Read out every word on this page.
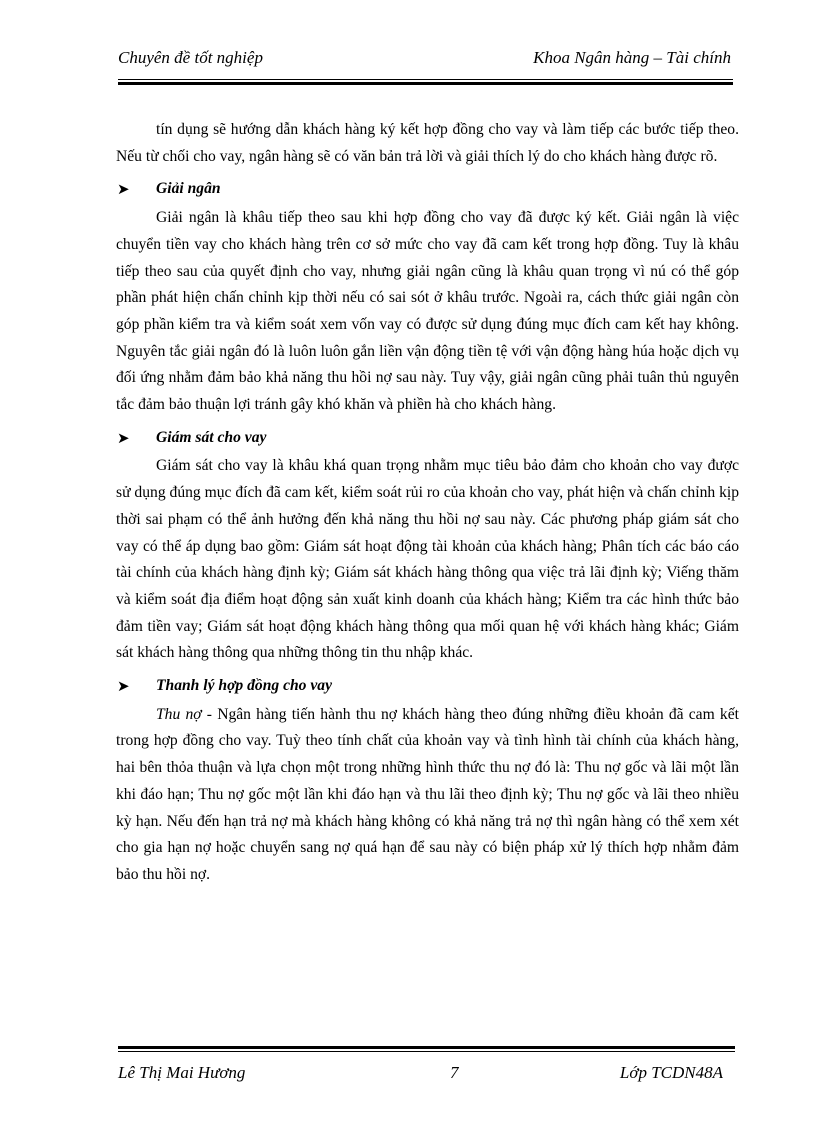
Chuyên đề tốt nghiệp	Khoa Ngân hàng – Tài chính

tín dụng sẽ hướng dẫn khách hàng ký kết hợp đồng cho vay và làm tiếp các bước tiếp theo. Nếu từ chối cho vay, ngân hàng sẽ có văn bản trả lời và giải thích lý do cho khách hàng được rõ.

➤ Giải ngân

Giải ngân là khâu tiếp theo sau khi hợp đồng cho vay đã được ký kết. Giải ngân là việc chuyển tiền vay cho khách hàng trên cơ sở mức cho vay đã cam kết trong hợp đồng. Tuy là khâu tiếp theo sau của quyết định cho vay, nhưng giải ngân cũng là khâu quan trọng vì nú có thể góp phần phát hiện chấn chỉnh kịp thời nếu có sai sót ở khâu trước. Ngoài ra, cách thức giải ngân còn góp phần kiểm tra và kiểm soát xem vốn vay có được sử dụng đúng mục đích cam kết hay không. Nguyên tắc giải ngân đó là luôn luôn gắn liền vận động tiền tệ với vận động hàng húa hoặc dịch vụ đối ứng nhằm đảm bảo khả năng thu hồi nợ sau này. Tuy vậy, giải ngân cũng phải tuân thủ nguyên tắc đảm bảo thuận lợi tránh gây khó khăn và phiền hà cho khách hàng.

➤ Giám sát cho vay

Giám sát cho vay là khâu khá quan trọng nhằm mục tiêu bảo đảm cho khoản cho vay được sử dụng đúng mục đích đã cam kết, kiểm soát rủi ro của khoản cho vay, phát hiện và chấn chỉnh kịp thời sai phạm có thể ảnh hưởng đến khả năng thu hồi nợ sau này. Các phương pháp giám sát cho vay có thể áp dụng bao gồm: Giám sát hoạt động tài khoản của khách hàng; Phân tích các báo cáo tài chính của khách hàng định kỳ; Giám sát khách hàng thông qua việc trả lãi định kỳ; Viếng thăm và kiểm soát địa điểm hoạt động sản xuất kinh doanh của khách hàng; Kiểm tra các hình thức bảo đảm tiền vay; Giám sát hoạt động khách hàng thông qua mối quan hệ với khách hàng khác; Giám sát khách hàng thông qua những thông tin thu nhập khác.

➤ Thanh lý hợp đồng cho vay

Thu nợ - Ngân hàng tiến hành thu nợ khách hàng theo đúng những điều khoản đã cam kết trong hợp đồng cho vay. Tuỳ theo tính chất của khoản vay và tình hình tài chính của khách hàng, hai bên thỏa thuận và lựa chọn một trong những hình thức thu nợ đó là: Thu nợ gốc và lãi một lần khi đáo hạn; Thu nợ gốc một lần khi đáo hạn và thu lãi theo định kỳ; Thu nợ gốc và lãi theo nhiều kỳ hạn. Nếu đến hạn trả nợ mà khách hàng không có khả năng trả nợ thì ngân hàng có thể xem xét cho gia hạn nợ hoặc chuyển sang nợ quá hạn để sau này có biện pháp xử lý thích hợp nhằm đảm bảo thu hồi nợ.

Lê Thị Mai Hương	7	Lớp TCDN48A
